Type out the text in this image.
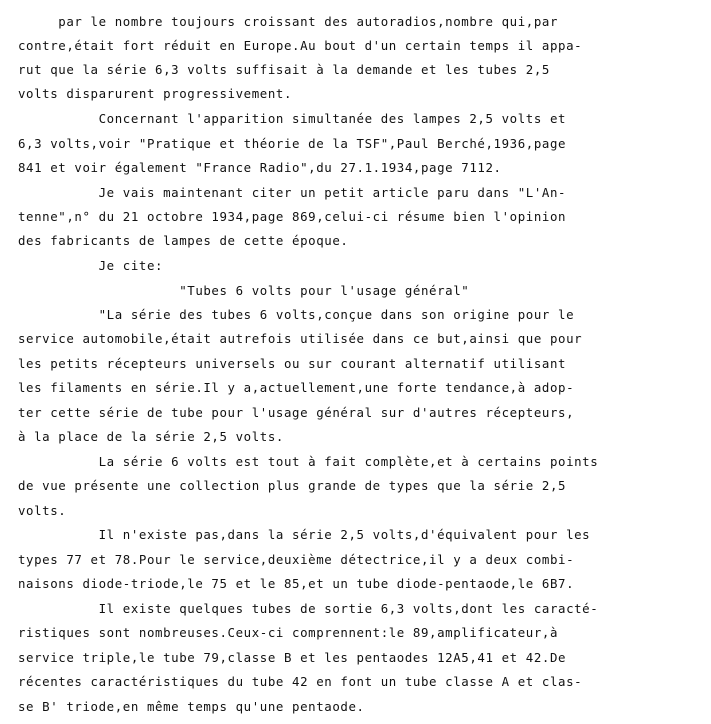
par le nombre toujours croissant des autoradios,nombre qui,par
contre,était fort réduit en Europe.Au bout d'un certain temps il appa-
rut que la série 6,3 volts suffisait à la demande et les tubes 2,5
volts disparurent progressivement.
Concernant l'apparition simultanée des lampes 2,5 volts et
6,3 volts,voir "Pratique et théorie de la TSF",Paul Berché,1936,page
841 et voir également "France Radio",du 27.1.1934,page 7112.
Je vais maintenant citer un petit article paru dans "L'An-
tenne",n° du 21 octobre 1934,page 869,celui-ci résume bien l'opinion
des fabricants de lampes de cette époque.
Je cite:
"Tubes 6 volts pour l'usage général"
"La série des tubes 6 volts,conçue dans son origine pour le
service automobile,était autrefois utilisée dans ce but,ainsi que pour
les petits récepteurs universels ou sur courant alternatif utilisant
les filaments en série.Il y a,actuellement,une forte tendance,à adop-
ter cette série de tube pour l'usage général sur d'autres récepteurs,
à la place de la série 2,5 volts.
La série 6 volts est tout à fait complète,et à certains points
de vue présente une collection plus grande de types que la série 2,5
volts.
Il n'existe pas,dans la série 2,5 volts,d'équivalent pour les
types 77 et 78.Pour le service,deuxième détectrice,il y a deux combi-
naisons diode-triode,le 75 et le 85,et un tube diode-pentaode,le 6B7.
Il existe quelques tubes de sortie 6,3 volts,dont les caracté-
ristiques sont nombreuses.Ceux-ci comprennent:le 89,amplificateur,à
service triple,le tube 79,classe B et les pentaodes 12A5,41 et 42.De
récentes caractéristiques du tube 42 en font un tube classe A et clas-
se B' triode,en même temps qu'une pentaode.
